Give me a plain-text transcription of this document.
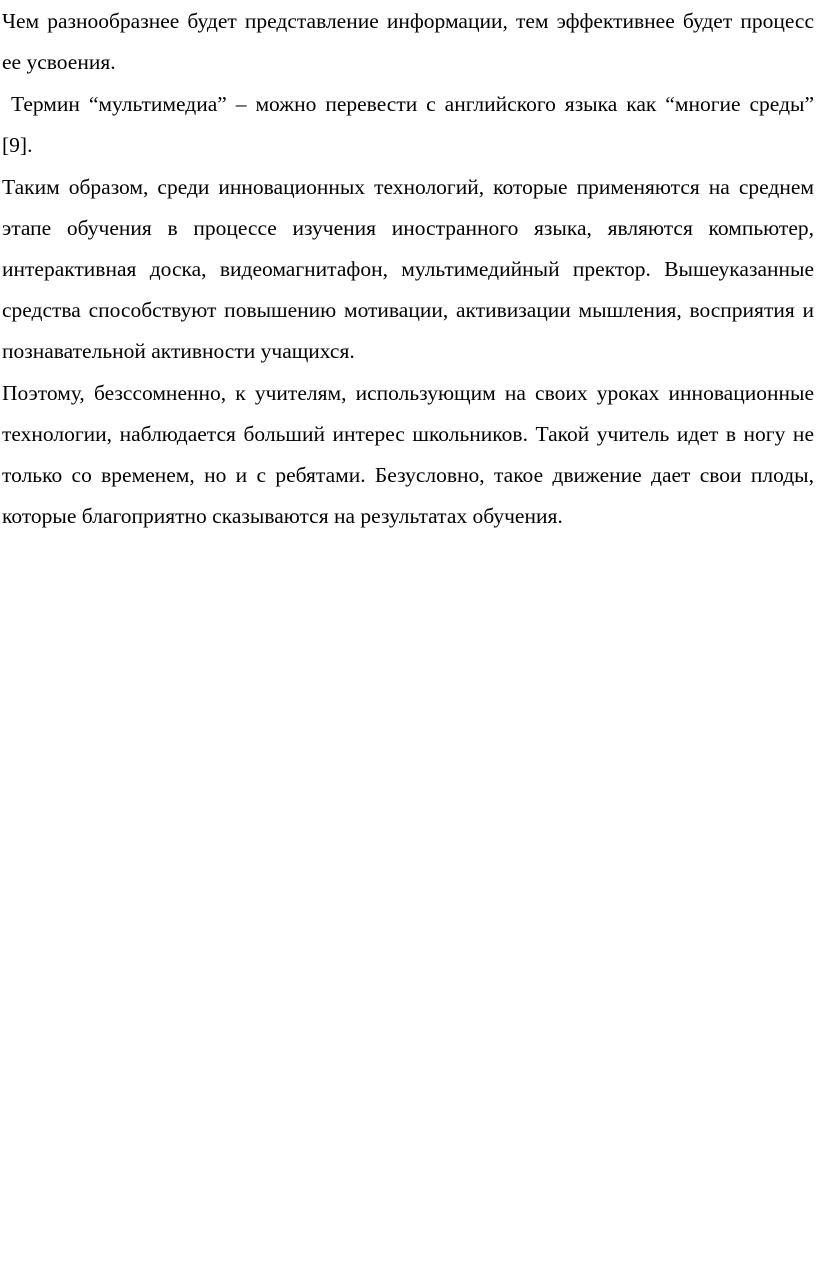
Чем разнообразнее будет представление информации, тем эффективнее будет процесс ее усвоения.

Термин “мультимедиа” – можно перевести с английского языка как “многие среды” [9].

Таким образом, среди инновационных технологий, которые применяются на среднем этапе обучения в процессе изучения иностранного языка, являются компьютер, интерактивная доска, видеомагнитафон, мультимедийный пректор. Вышеуказанные средства способствуют повышению мотивации, активизации мышления, восприятия и познавательной активности учащихся.

Поэтому, безссомненно, к учителям, использующим на своих уроках инновационные технологии, наблюдается больший интерес школьников. Такой учитель идет в ногу не только со временем, но и с ребятами. Безусловно, такое движение дает свои плоды, которые благоприятно сказываются на результатах обучения.
